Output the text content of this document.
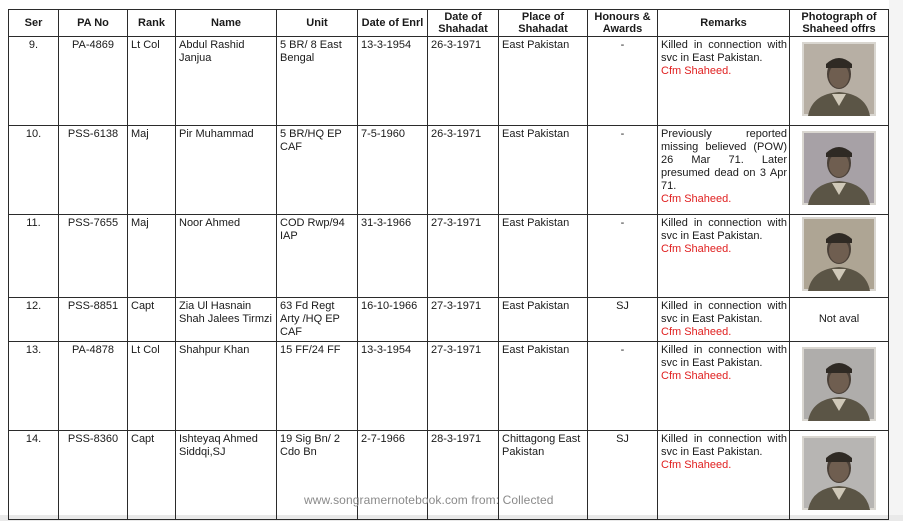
Ser	PA No	Rank	Name	Unit	Date of Enrl	Date of Shahadat	Place of Shahadat	Honours & Awards	Remarks	Photograph of Shaheed offrs
9.	PA-4869	Lt Col	Abdul Rashid Janjua	5 BR/ 8 East Bengal	13-3-1954	26-3-1971	East Pakistan	-	Killed in connection with svc in East Pakistan.
Cfm Shaheed.

10.	PSS-6138	Maj	Pir Muhammad	5 BR/HQ EP CAF	7-5-1960	26-3-1971	East Pakistan	-	Previously reported missing believed (POW) 26 Mar 71. Later presumed dead on 3 Apr 71.
Cfm Shaheed.

11.	PSS-7655	Maj	Noor Ahmed	COD Rwp/94 IAP	31-3-1966	27-3-1971	East Pakistan	-	Killed in connection with svc in East Pakistan.
Cfm Shaheed.

12.	PSS-8851	Capt	Zia Ul Hasnain Shah Jalees Tirmzi	63 Fd Regt Arty /HQ EP CAF	16-10-1966	27-3-1971	East Pakistan	SJ	Killed in connection with svc in East Pakistan.
Cfm Shaheed.	Not aval
13.	PA-4878	Lt Col	Shahpur Khan	15 FF/24 FF	13-3-1954	27-3-1971	East Pakistan	-	Killed in connection with svc in East Pakistan.
Cfm Shaheed.

14.	PSS-8360	Capt	Ishteyaq Ahmed Siddqi,SJ	19 Sig Bn/ 2 Cdo Bn	2-7-1966	28-3-1971	Chittagong East Pakistan	SJ	Killed in connection with svc in East Pakistan.
Cfm Shaheed.

www.songramernotebook.com from: Collected
